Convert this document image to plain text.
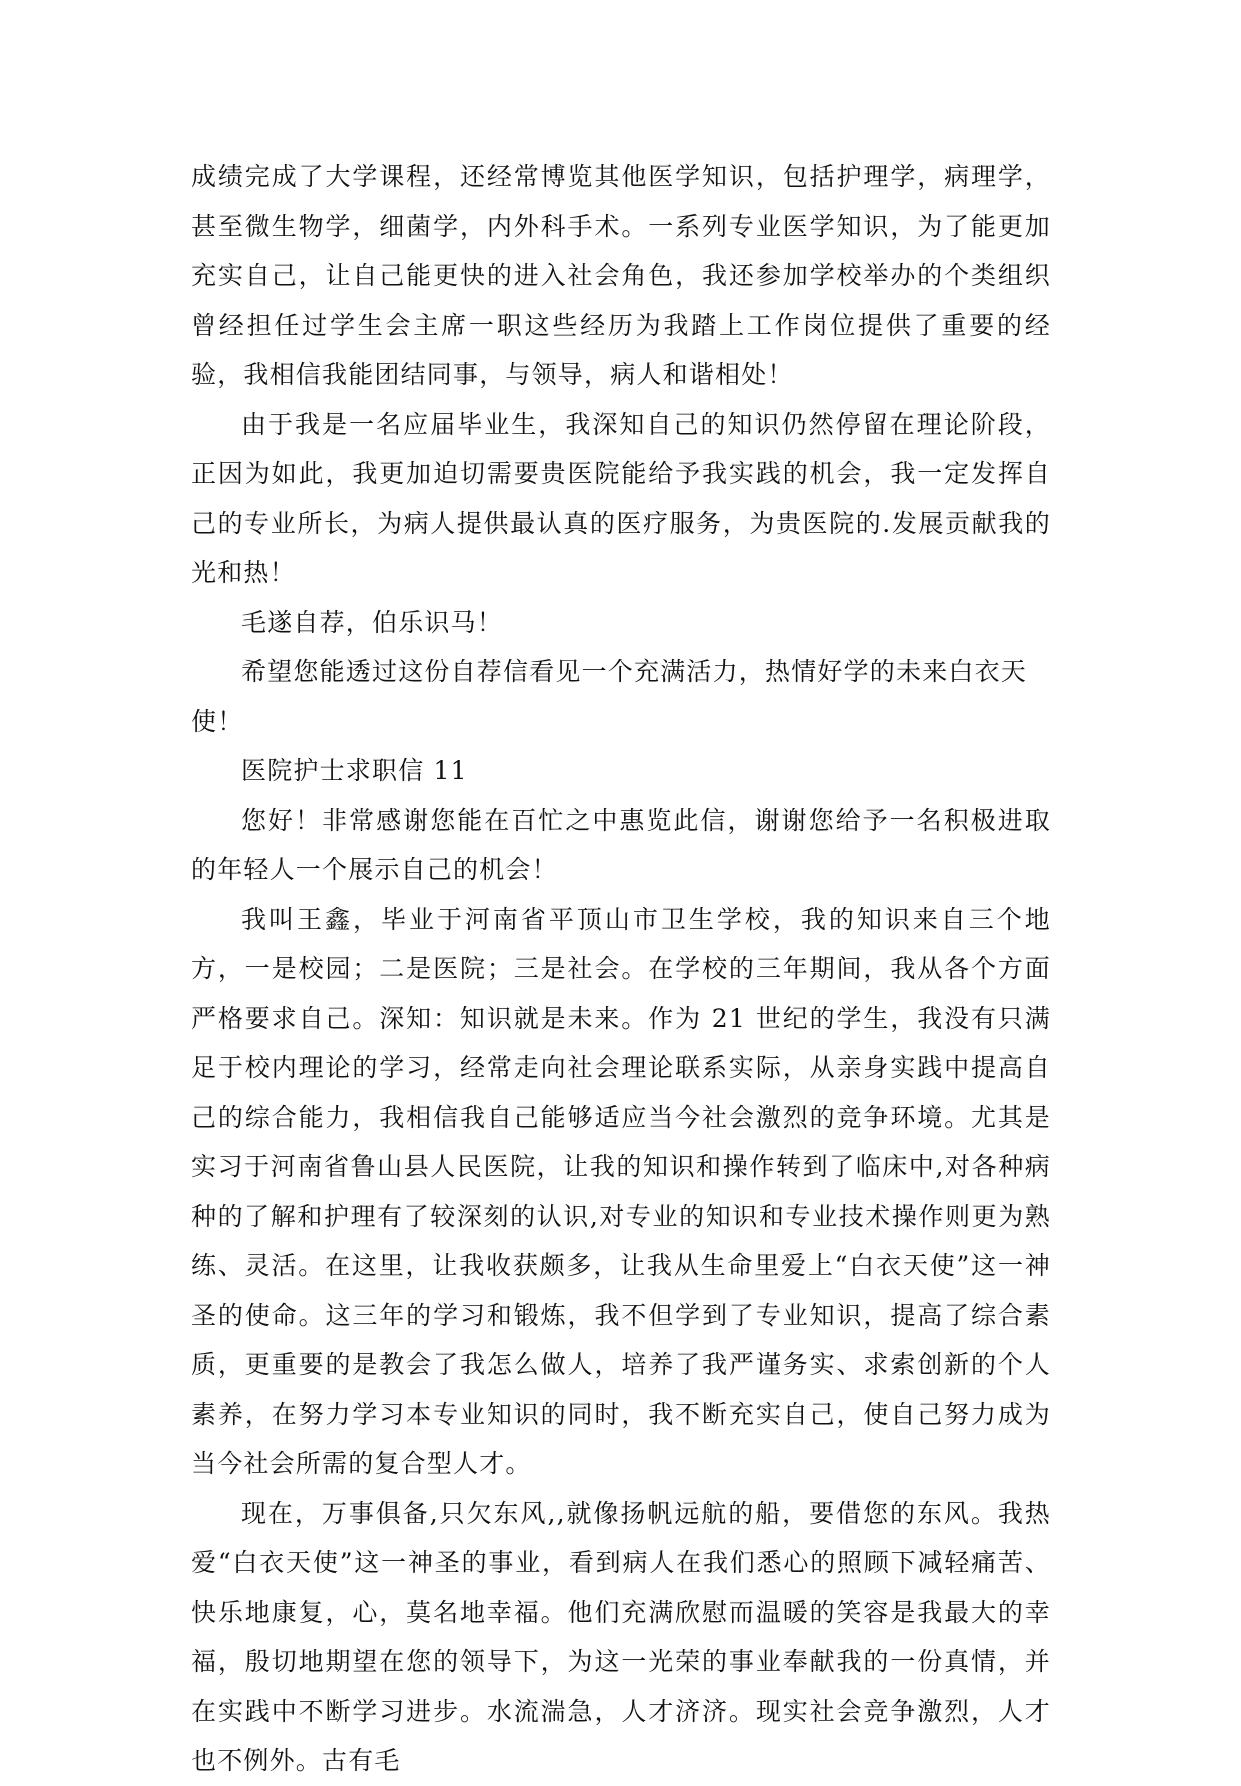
成绩完成了大学课程，还经常博览其他医学知识，包括护理学，病理学，甚至微生物学，细菌学，内外科手术。一系列专业医学知识，为了能更加充实自己，让自己能更快的进入社会角色，我还参加学校举办的个类组织曾经担任过学生会主席一职这些经历为我踏上工作岗位提供了重要的经验，我相信我能团结同事，与领导，病人和谐相处！

由于我是一名应届毕业生，我深知自己的知识仍然停留在理论阶段，正因为如此，我更加迫切需要贵医院能给予我实践的机会，我一定发挥自己的专业所长，为病人提供最认真的医疗服务，为贵医院的.发展贡献我的光和热！

毛遂自荐，伯乐识马！

希望您能透过这份自荐信看见一个充满活力，热情好学的未来白衣天使！

医院护士求职信 11

您好！非常感谢您能在百忙之中惠览此信，谢谢您给予一名积极进取的年轻人一个展示自己的机会！

我叫王鑫，毕业于河南省平顶山市卫生学校，我的知识来自三个地方，一是校园；二是医院；三是社会。在学校的三年期间，我从各个方面严格要求自己。深知：知识就是未来。作为 21 世纪的学生，我没有只满足于校内理论的学习，经常走向社会理论联系实际，从亲身实践中提高自己的综合能力，我相信我自己能够适应当今社会激烈的竞争环境。尤其是实习于河南省鲁山县人民医院，让我的知识和操作转到了临床中,对各种病种的了解和护理有了较深刻的认识,对专业的知识和专业技术操作则更为熟练、灵活。在这里，让我收获颇多，让我从生命里爱上“白衣天使”这一神圣的使命。这三年的学习和锻炼，我不但学到了专业知识，提高了综合素质，更重要的是教会了我怎么做人，培养了我严谨务实、求索创新的个人素养，在努力学习本专业知识的同时，我不断充实自己，使自己努力成为当今社会所需的复合型人才。

现在，万事俱备,只欠东风,,就像扬帆远航的船，要借您的东风。我热爱“白衣天使”这一神圣的事业，看到病人在我们悉心的照顾下减轻痛苦、快乐地康复，心，莫名地幸福。他们充满欣慰而温暖的笑容是我最大的幸福，殷切地期望在您的领导下，为这一光荣的事业奉献我的一份真情，并在实践中不断学习进步。水流湍急，人才济济。现实社会竞争激烈，人才也不例外。古有毛
